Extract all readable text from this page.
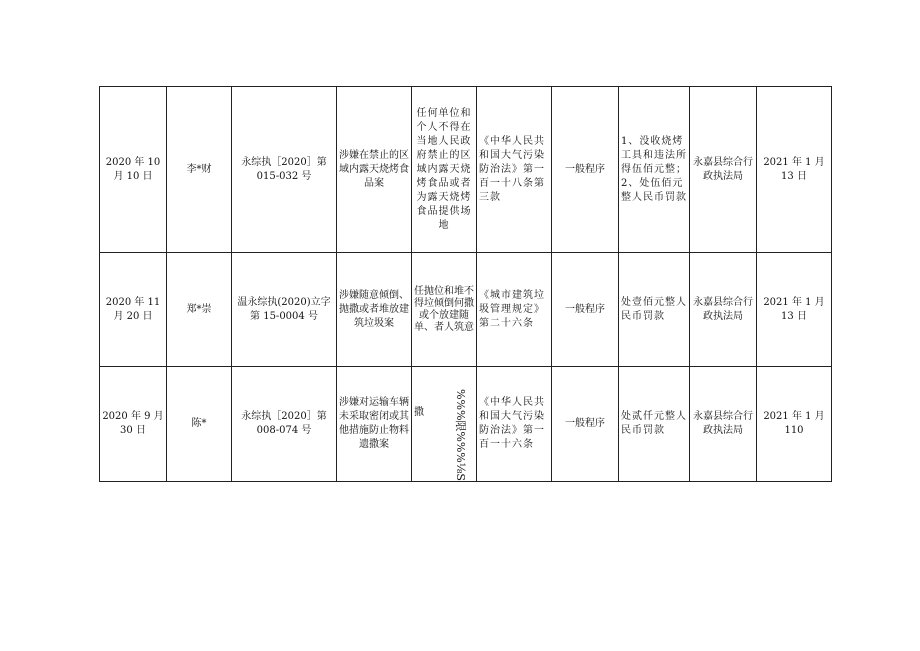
2020 年 10 月 10 日	李*财	永综执［2020］第 015-032 号	涉嫌在禁止的区域内露天烧烤食品案	任何单位和个人不得在当地人民政府禁止的区域内露天烧烤食品或者为露天烧烤食品提供场地	《中华人民共和国大气污染防治法》第一百一十八条第三款	一般程序	1、没收烧烤工具和违法所得伍佰元整；2、处伍佰元整人民币罚款	永嘉县综合行政执法局	2021 年 1 月 13 日
2020 年 11 月 20 日	郑*崇	温永综执(2020)立字第 15-0004 号	涉嫌随意倾倒、抛撒或者堆放建筑垃圾案	任抛位和堆不得垃倾倒何撒或个放建随单、者人筑意	《城市建筑垃圾管理规定》第二十六条	一般程序	处壹佰元整人民币罚款	永嘉县综合行政执法局	2021 年 1 月 13 日
2020 年 9 月 30 日	陈*	永综执［2020］第 008-074 号	涉嫌对运输车辆未采取密闭或其他措施防止物料遗撒案	撒 %%%限%%%⅛S	《中华人民共和国大气污染防治法》第一百一十六条	一般程序	处贰仟元整人民币罚款	永嘉县综合行政执法局	2021 年 1 月 110
